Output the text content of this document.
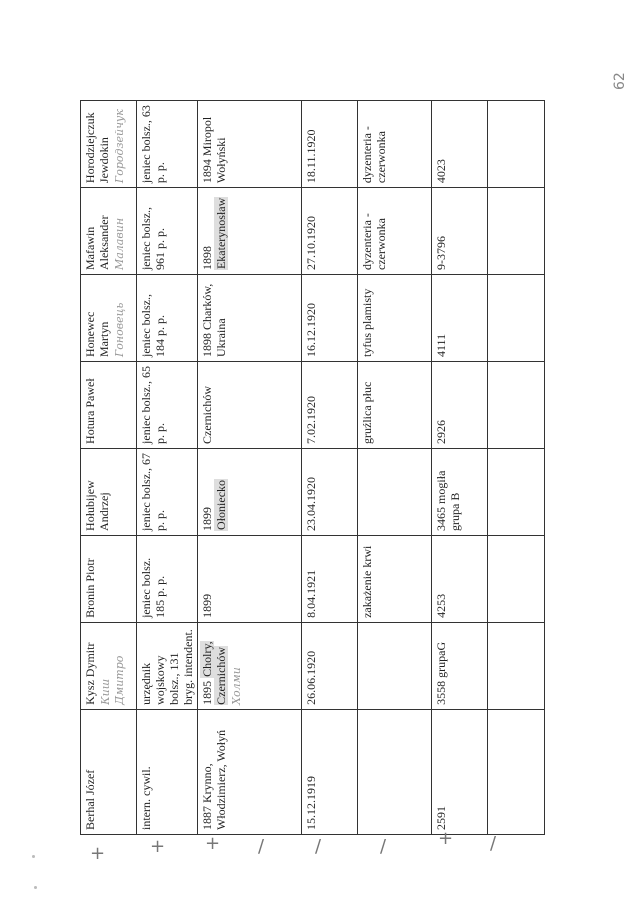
62
Berhal Józef	Kysz Dymitr Киш Дмитро	Bronin Piotr	Hołubijew Andrzej	Hotura Paweł	Honewec Martyn Гоновець	Mafawin Aleksander Малавин	Horodziejczuk Jewdokin Городзейчук

intern. cywil.	urzędnik wojskowy bolsz., 131 bryg. intendent.	jeniec bolsz. 185 p. p.	jeniec bolsz., 67 p. p.	jeniec bolsz., 65 p. p.	jeniec bolsz., 184 p. p.	jeniec bolsz., 961 p. p.	jeniec bolsz., 63 p. p.
1887 Krynno, Włodzimierz, Wołyń	1895 Cholry, Czernichów Холми	1899	1899 Ołoniecko	Czernichów	1898 Charków, Ukraina	1898 Ekaterynosław	1894 Miropol Wołyński
15.12.1919	26.06.1920	8.04.1921	23.04.1920	7.02.1920	16.12.1920	27.10.1920	18.11.1920
		zakażenie krwi		gruźlica płuc	tyfus plamisty	dyzenteria - czerwonka	dyzenteria - czerwonka
2591	3558 grupaG	4253	3465 mogiła grupa B	2926	4111	9-3796	4023

+ + + /	/	/	+ /
